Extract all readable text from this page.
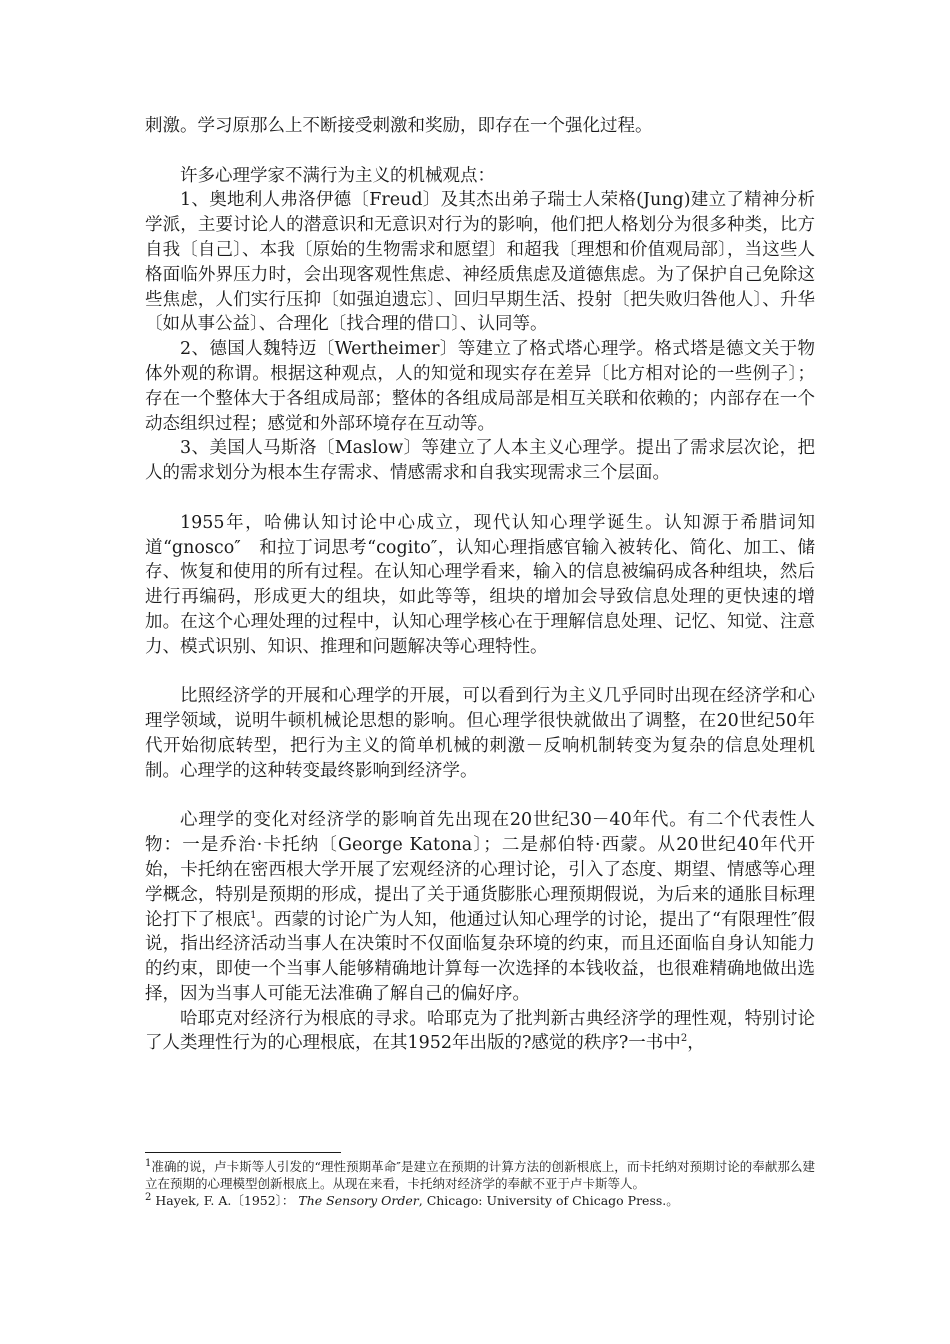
刺激。学习原那么上不断接受刺激和奖励，即存在一个强化过程。

许多心理学家不满行为主义的机械观点：

1、奥地利人弗洛伊德〔Freud〕及其杰出弟子瑞士人荣格(Jung)建立了精神分析学派，主要讨论人的潜意识和无意识对行为的影响，他们把人格划分为很多种类，比方自我〔自己〕、本我〔原始的生物需求和愿望〕和超我〔理想和价值观局部〕，当这些人格面临外界压力时，会出现客观性焦虑、神经质焦虑及道德焦虑。为了保护自己免除这些焦虑，人们实行压抑〔如强迫遗忘〕、回归早期生活、投射〔把失败归咎他人〕、升华〔如从事公益〕、合理化〔找合理的借口〕、认同等。

2、德国人魏特迈〔Wertheimer〕等建立了格式塔心理学。格式塔是德文关于物体外观的称谓。根据这种观点，人的知觉和现实存在差异〔比方相对论的一些例子〕；存在一个整体大于各组成局部；整体的各组成局部是相互关联和依赖的；内部存在一个动态组织过程；感觉和外部环境存在互动等。

3、美国人马斯洛〔Maslow〕等建立了人本主义心理学。提出了需求层次论，把人的需求划分为根本生存需求、情感需求和自我实现需求三个层面。

1955年，哈佛认知讨论中心成立，现代认知心理学诞生。认知源于希腊词知道“gnosco″　和拉丁词思考“cogito″，认知心理指感官输入被转化、简化、加工、储存、恢复和使用的所有过程。在认知心理学看来，输入的信息被编码成各种组块，然后进行再编码，形成更大的组块，如此等等，组块的增加会导致信息处理的更快速的增加。在这个心理处理的过程中，认知心理学核心在于理解信息处理、记忆、知觉、注意力、模式识别、知识、推理和问题解决等心理特性。

比照经济学的开展和心理学的开展，可以看到行为主义几乎同时出现在经济学和心理学领域，说明牛顿机械论思想的影响。但心理学很快就做出了调整，在20世纪50年代开始彻底转型，把行为主义的简单机械的刺激－反响机制转变为复杂的信息处理机制。心理学的这种转变最终影响到经济学。

心理学的变化对经济学的影响首先出现在20世纪30－40年代。有二个代表性人物：一是乔治·卡托纳〔George Katona〕；二是郝伯特·西蒙。从20世纪40年代开始，卡托纳在密西根大学开展了宏观经济的心理讨论，引入了态度、期望、情感等心理学概念，特别是预期的形成，提出了关于通货膨胀心理预期假说，为后来的通胀目标理论打下了根底$^1$。西蒙的讨论广为人知，他通过认知心理学的讨论，提出了“有限理性″假说，指出经济活动当事人在决策时不仅面临复杂环境的约束，而且还面临自身认知能力的约束，即使一个当事人能够精确地计算每一次选择的本钱收益，也很难精确地做出选择，因为当事人可能无法准确了解自己的偏好序。

哈耶克对经济行为根底的寻求。哈耶克为了批判新古典经济学的理性观，特别讨论了人类理性行为的心理根底，在其1952年出版的?感觉的秩序?一书中$^2$，

$^1$准确的说，卢卡斯等人引发的“理性预期革命″是建立在预期的计算方法的创新根底上，而卡托纳对预期讨论的奉献那么建立在预期的心理模型创新根底上。从现在来看，卡托纳对经济学的奉献不亚于卢卡斯等人。

$^2$ Hayek, F. A.〔1952〕： The Sensory Order, Chicago: University of Chicago Press.。
